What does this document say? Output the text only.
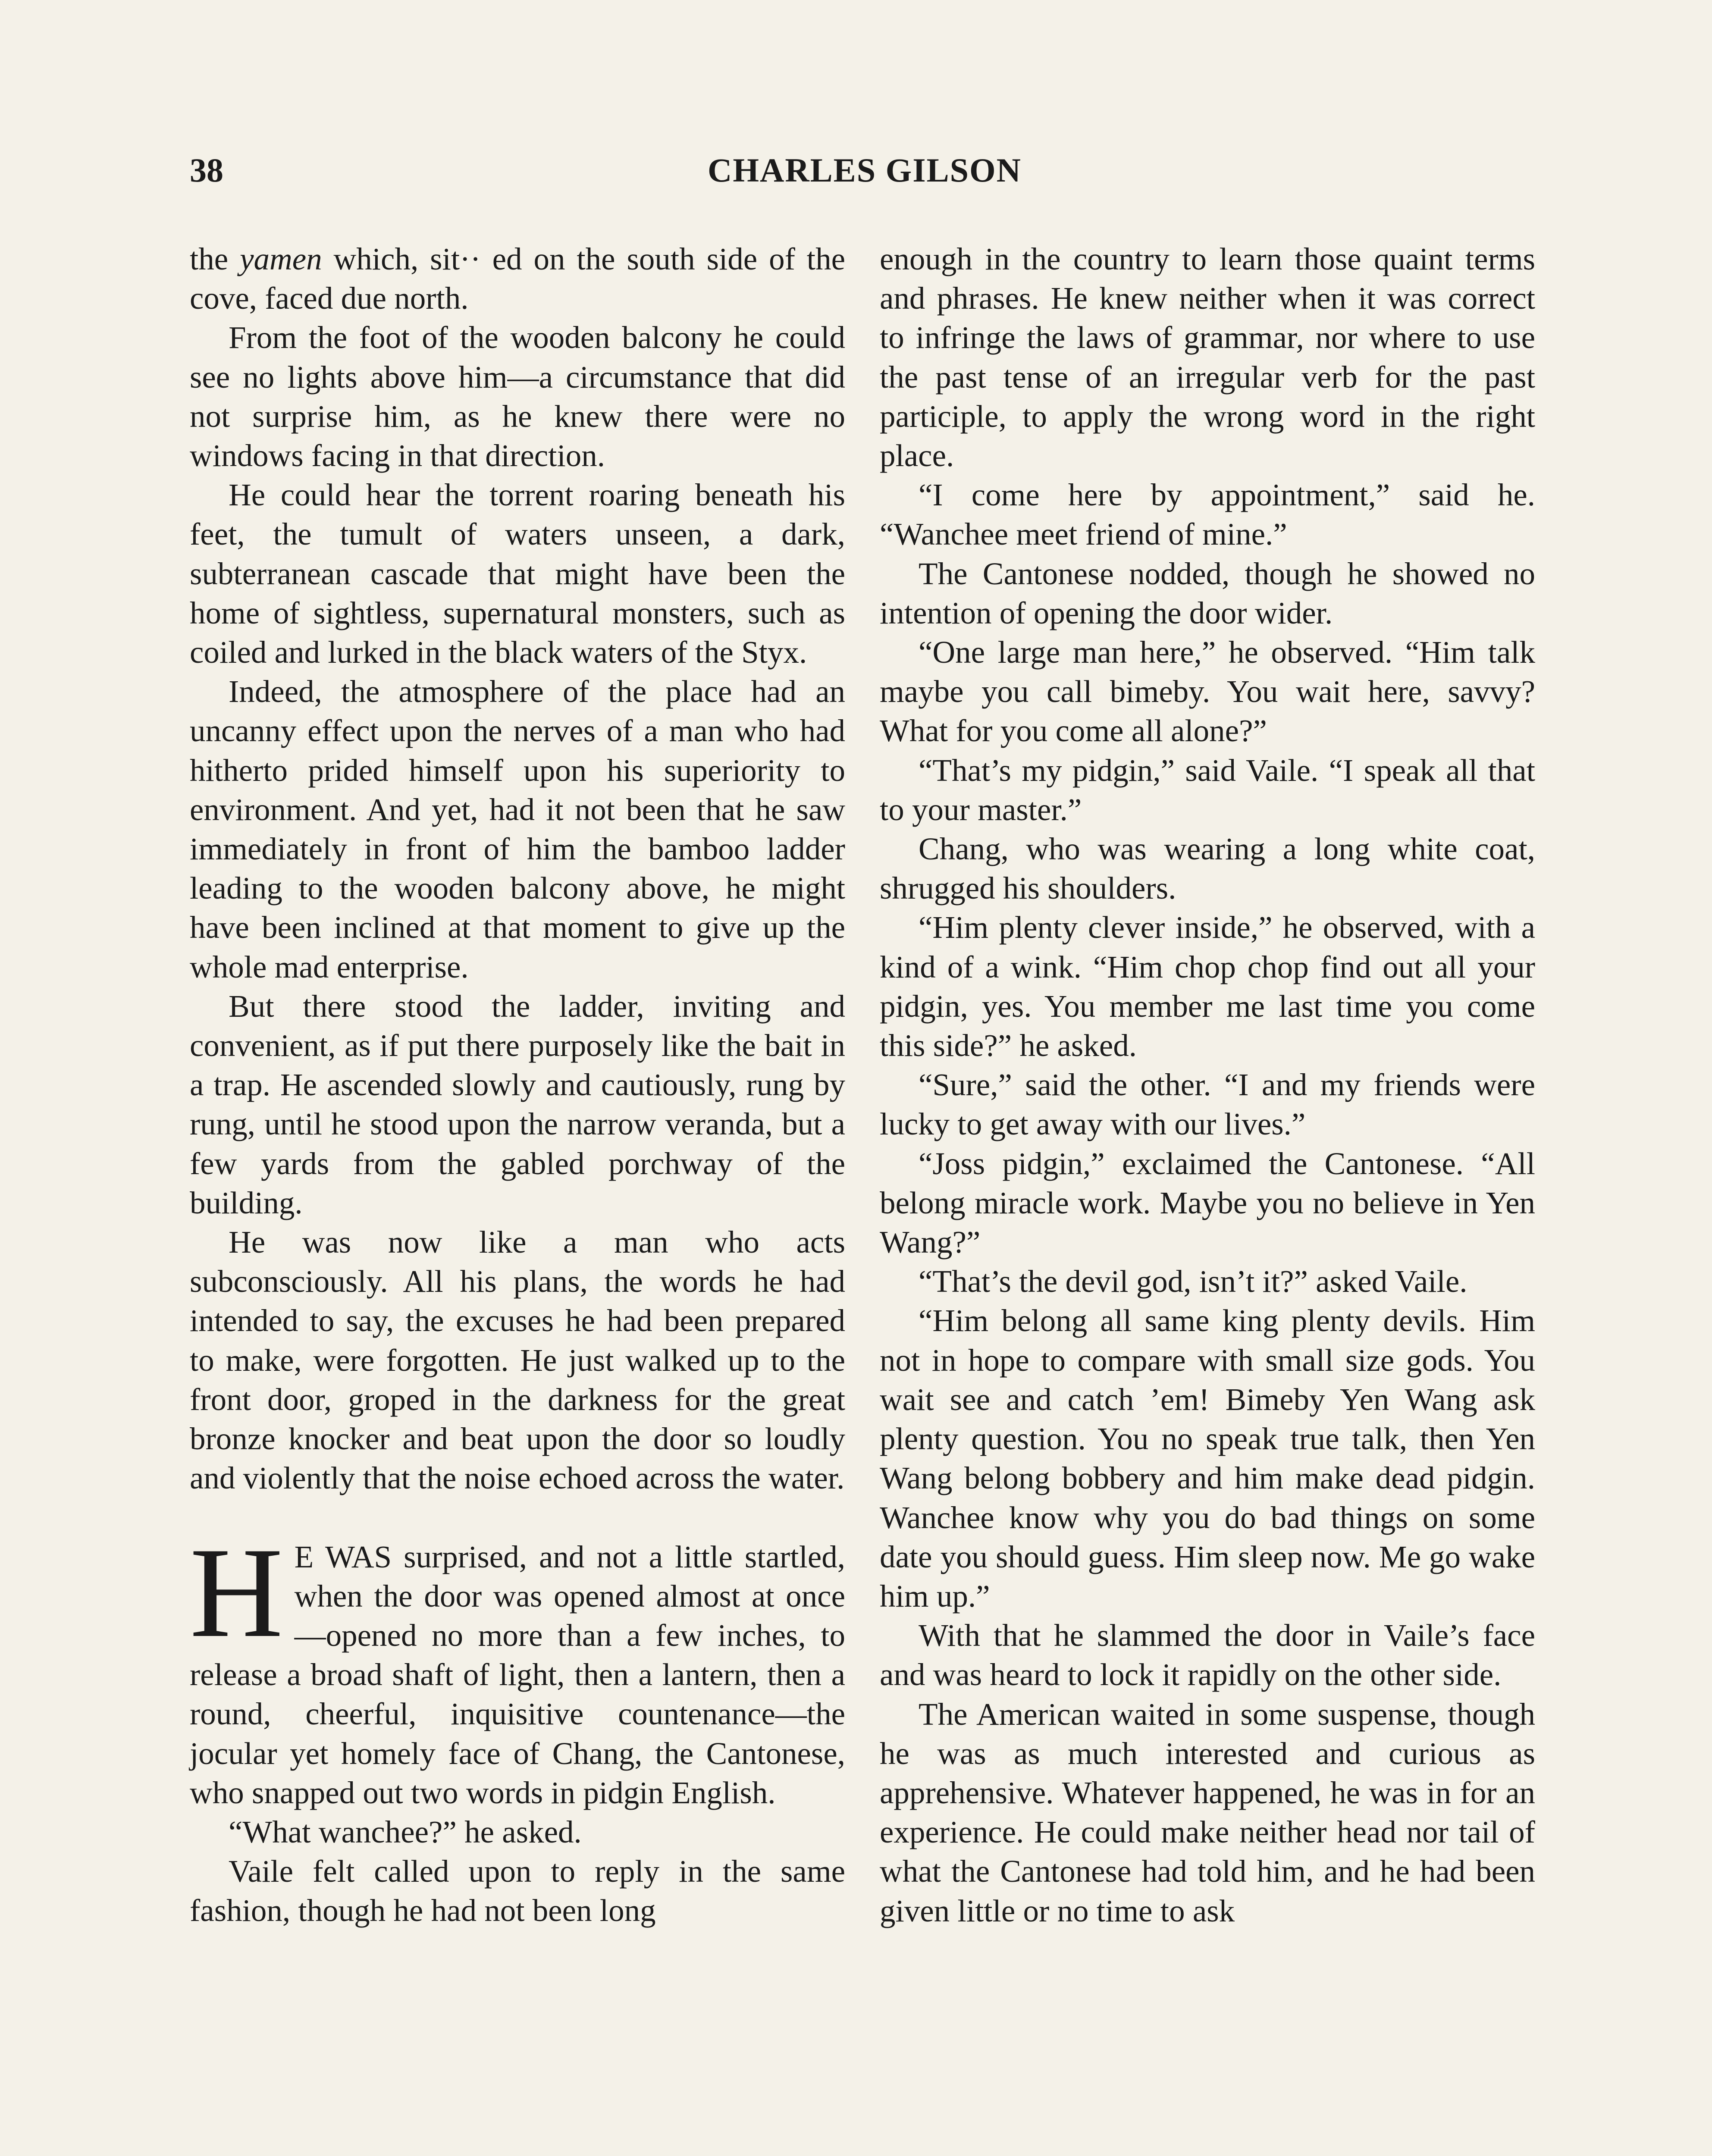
38	CHARLES GILSON

the yamen which, sit·· ed on the south side of the cove, faced due north.

From the foot of the wooden balcony he could see no lights above him—a circumstance that did not surprise him, as he knew there were no windows facing in that direction.

He could hear the torrent roaring beneath his feet, the tumult of waters unseen, a dark, subterranean cascade that might have been the home of sightless, supernatural monsters, such as coiled and lurked in the black waters of the Styx.

Indeed, the atmosphere of the place had an uncanny effect upon the nerves of a man who had hitherto prided himself upon his superiority to environment. And yet, had it not been that he saw immediately in front of him the bamboo ladder leading to the wooden balcony above, he might have been inclined at that moment to give up the whole mad enterprise.

But there stood the ladder, inviting and convenient, as if put there purposely like the bait in a trap. He ascended slowly and cautiously, rung by rung, until he stood upon the narrow veranda, but a few yards from the gabled porchway of the building.

He was now like a man who acts subconsciously. All his plans, the words he had intended to say, the excuses he had been prepared to make, were forgotten. He just walked up to the front door, groped in the darkness for the great bronze knocker and beat upon the door so loudly and violently that the noise echoed across the water.

H E WAS surprised, and not a little startled, when the door was opened almost at once—opened no more than a few inches, to release a broad shaft of light, then a lantern, then a round, cheerful, inquisitive countenance—the jocular yet homely face of Chang, the Cantonese, who snapped out two words in pidgin English.

“What wanchee?” he asked.

Vaile felt called upon to reply in the same fashion, though he had not been long

enough in the country to learn those quaint terms and phrases. He knew neither when it was correct to infringe the laws of grammar, nor where to use the past tense of an irregular verb for the past participle, to apply the wrong word in the right place.

“I come here by appointment,” said he. “Wanchee meet friend of mine.”

The Cantonese nodded, though he showed no intention of opening the door wider.

“One large man here,” he observed. “Him talk maybe you call bimeby. You wait here, savvy? What for you come all alone?”

“That’s my pidgin,” said Vaile. “I speak all that to your master.”

Chang, who was wearing a long white coat, shrugged his shoulders.

“Him plenty clever inside,” he observed, with a kind of a wink. “Him chop chop find out all your pidgin, yes. You member me last time you come this side?” he asked.

“Sure,” said the other. “I and my friends were lucky to get away with our lives.”

“Joss pidgin,” exclaimed the Cantonese. “All belong miracle work. Maybe you no believe in Yen Wang?”

“That’s the devil god, isn’t it?” asked Vaile.

“Him belong all same king plenty devils. Him not in hope to compare with small size gods. You wait see and catch ’em! Bimeby Yen Wang ask plenty question. You no speak true talk, then Yen Wang belong bobbery and him make dead pidgin. Wanchee know why you do bad things on some date you should guess. Him sleep now. Me go wake him up.”

With that he slammed the door in Vaile’s face and was heard to lock it rapidly on the other side.

The American waited in some suspense, though he was as much interested and curious as apprehensive. Whatever happened, he was in for an experience. He could make neither head nor tail of what the Cantonese had told him, and he had been given little or no time to ask
